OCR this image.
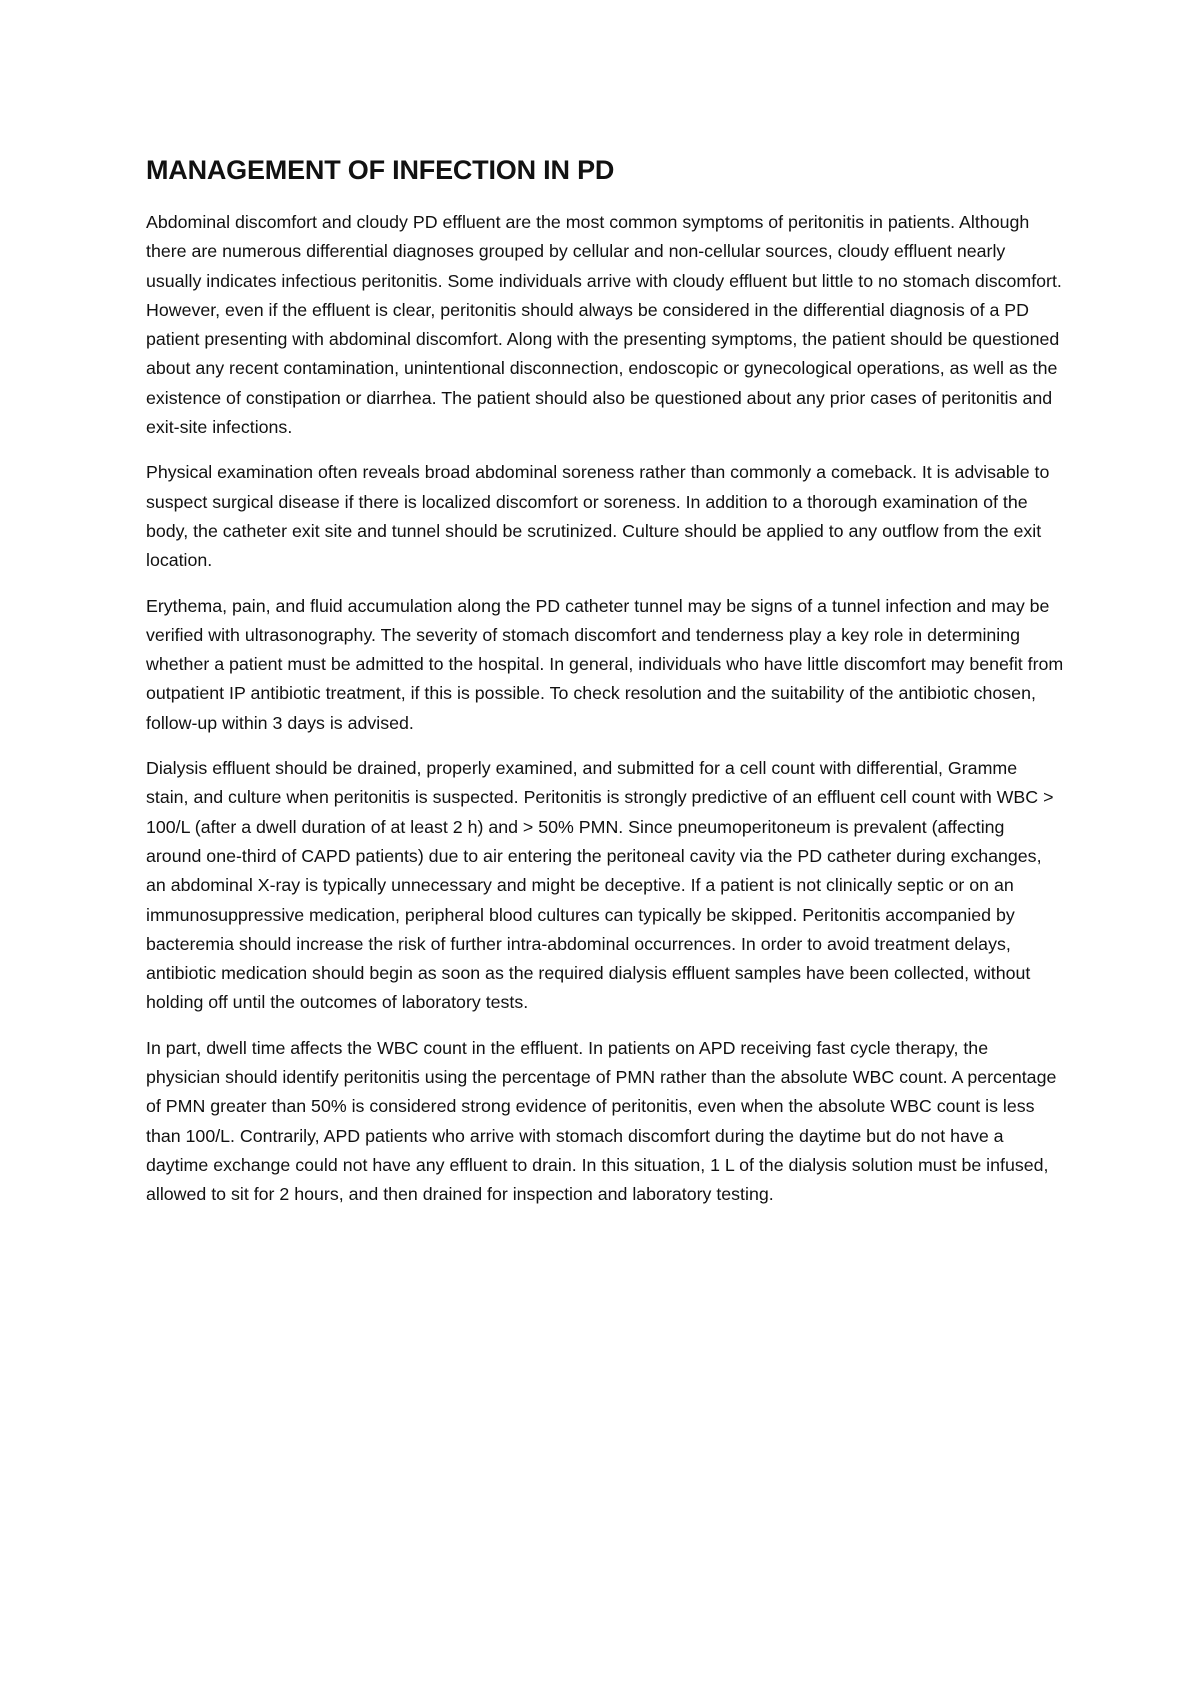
MANAGEMENT OF INFECTION IN PD

Abdominal discomfort and cloudy PD effluent are the most common symptoms of peritonitis in patients. Although there are numerous differential diagnoses grouped by cellular and non-cellular sources, cloudy effluent nearly usually indicates infectious peritonitis. Some individuals arrive with cloudy effluent but little to no stomach discomfort. However, even if the effluent is clear, peritonitis should always be considered in the differential diagnosis of a PD patient presenting with abdominal discomfort. Along with the presenting symptoms, the patient should be questioned about any recent contamination, unintentional disconnection, endoscopic or gynecological operations, as well as the existence of constipation or diarrhea. The patient should also be questioned about any prior cases of peritonitis and exit-site infections.

Physical examination often reveals broad abdominal soreness rather than commonly a comeback. It is advisable to suspect surgical disease if there is localized discomfort or soreness. In addition to a thorough examination of the body, the catheter exit site and tunnel should be scrutinized. Culture should be applied to any outflow from the exit location.

Erythema, pain, and fluid accumulation along the PD catheter tunnel may be signs of a tunnel infection and may be verified with ultrasonography. The severity of stomach discomfort and tenderness play a key role in determining whether a patient must be admitted to the hospital. In general, individuals who have little discomfort may benefit from outpatient IP antibiotic treatment, if this is possible. To check resolution and the suitability of the antibiotic chosen, follow-up within 3 days is advised.

Dialysis effluent should be drained, properly examined, and submitted for a cell count with differential, Gramme stain, and culture when peritonitis is suspected. Peritonitis is strongly predictive of an effluent cell count with WBC > 100/L (after a dwell duration of at least 2 h) and > 50% PMN. Since pneumoperitoneum is prevalent (affecting around one-third of CAPD patients) due to air entering the peritoneal cavity via the PD catheter during exchanges, an abdominal X-ray is typically unnecessary and might be deceptive. If a patient is not clinically septic or on an immunosuppressive medication, peripheral blood cultures can typically be skipped. Peritonitis accompanied by bacteremia should increase the risk of further intra-abdominal occurrences. In order to avoid treatment delays, antibiotic medication should begin as soon as the required dialysis effluent samples have been collected, without holding off until the outcomes of laboratory tests.

In part, dwell time affects the WBC count in the effluent. In patients on APD receiving fast cycle therapy, the physician should identify peritonitis using the percentage of PMN rather than the absolute WBC count. A percentage of PMN greater than 50% is considered strong evidence of peritonitis, even when the absolute WBC count is less than 100/L. Contrarily, APD patients who arrive with stomach discomfort during the daytime but do not have a daytime exchange could not have any effluent to drain. In this situation, 1 L of the dialysis solution must be infused, allowed to sit for 2 hours, and then drained for inspection and laboratory testing.
